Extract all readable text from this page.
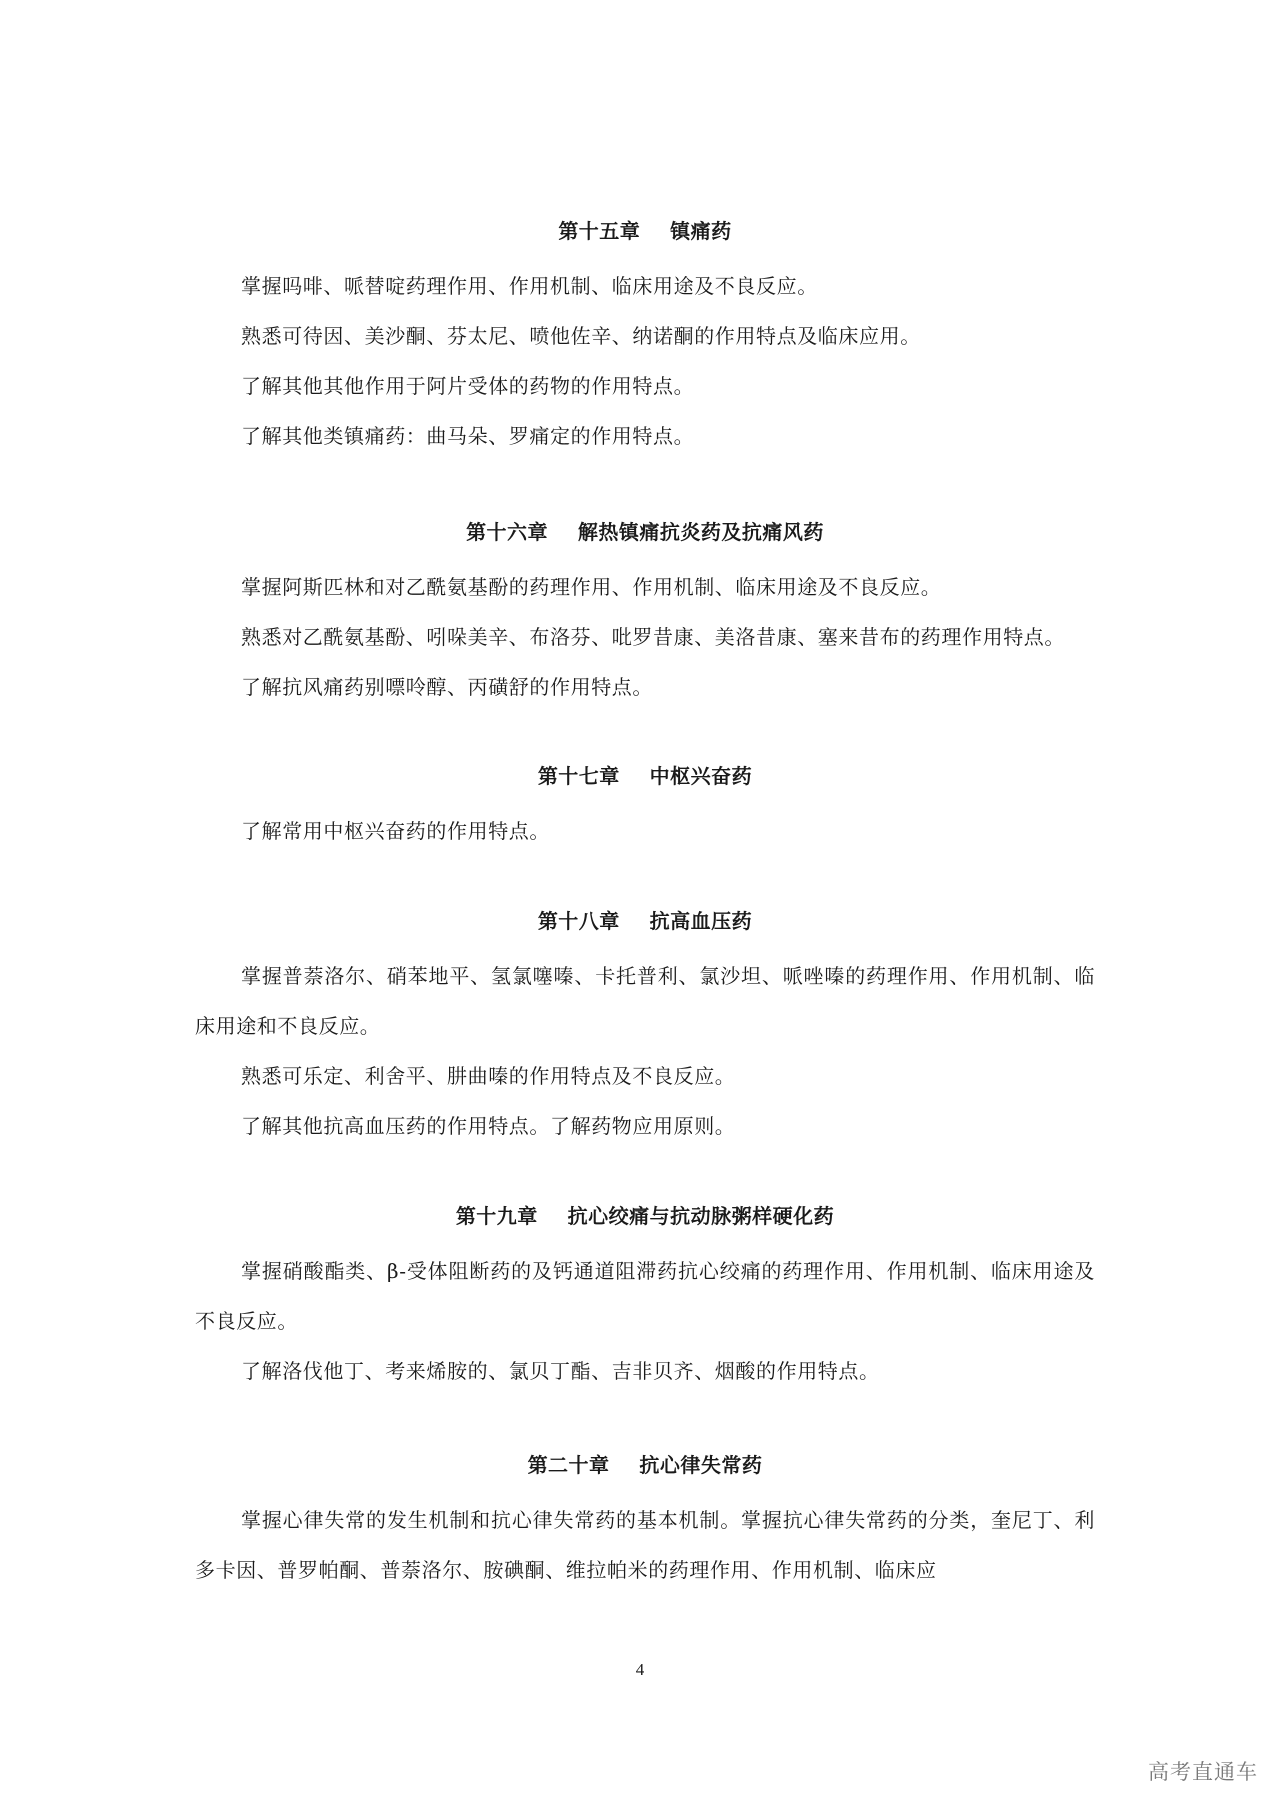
第十五章    镇痛药

掌握吗啡、哌替啶药理作用、作用机制、临床用途及不良反应。

熟悉可待因、美沙酮、芬太尼、喷他佐辛、纳诺酮的作用特点及临床应用。

了解其他其他作用于阿片受体的药物的作用特点。

了解其他类镇痛药：曲马朵、罗痛定的作用特点。

第十六章    解热镇痛抗炎药及抗痛风药

掌握阿斯匹林和对乙酰氨基酚的药理作用、作用机制、临床用途及不良反应。

熟悉对乙酰氨基酚、吲哚美辛、布洛芬、吡罗昔康、美洛昔康、塞来昔布的药理作用特点。

了解抗风痛药别嘌呤醇、丙磺舒的作用特点。

第十七章    中枢兴奋药

了解常用中枢兴奋药的作用特点。

第十八章    抗高血压药

掌握普萘洛尔、硝苯地平、氢氯噻嗪、卡托普利、氯沙坦、哌唑嗪的药理作用、作用机制、临床用途和不良反应。

熟悉可乐定、利舍平、肼曲嗪的作用特点及不良反应。

了解其他抗高血压药的作用特点。了解药物应用原则。

第十九章    抗心绞痛与抗动脉粥样硬化药

掌握硝酸酯类、β-受体阻断药的及钙通道阻滞药抗心绞痛的药理作用、作用机制、临床用途及不良反应。

了解洛伐他丁、考来烯胺的、氯贝丁酯、吉非贝齐、烟酸的作用特点。

第二十章    抗心律失常药

掌握心律失常的发生机制和抗心律失常药的基本机制。掌握抗心律失常药的分类，奎尼丁、利多卡因、普罗帕酮、普萘洛尔、胺碘酮、维拉帕米的药理作用、作用机制、临床应

4
高考直通车
